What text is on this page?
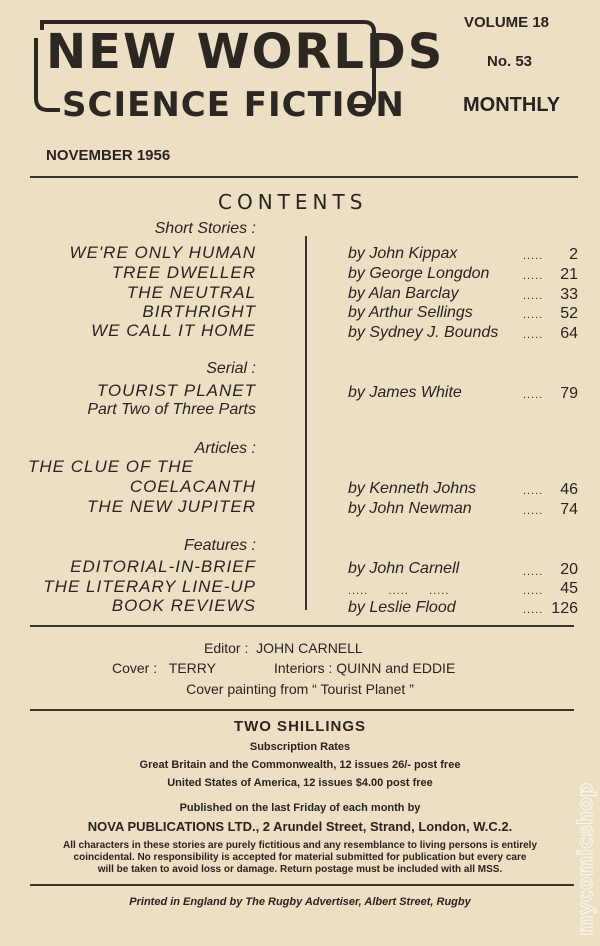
NEW WORLDS
SCIENCE FICTION
VOLUME 18
No. 53
MONTHLY
NOVEMBER 1956
CONTENTS
Short Stories :
WE'RE ONLY HUMAN	by John Kippax	..... 2
TREE DWELLER	by George Longdon	..... 21
THE NEUTRAL	by Alan Barclay	..... 33
BIRTHRIGHT	by Arthur Sellings	..... 52
WE CALL IT HOME	by Sydney J. Bounds ..... 64
Serial :
TOURIST PLANET
Part Two of Three Parts
by James White	..... 79
Articles :
THE CLUE OF THE
COELACANTH	by Kenneth Johns	..... 46
THE NEW JUPITER	by John Newman	..... 74
Features :
EDITORIAL-IN-BRIEF	by John Carnell	..... 20
THE LITERARY LINE-UP	.....     .....     .....	..... 45
BOOK REVIEWS	by Leslie Flood	..... 126
Editor : JOHN CARNELL
Cover : TERRY	Interiors : QUINN and EDDIE
Cover painting from “ Tourist Planet ”
TWO SHILLINGS
Subscription Rates
Great Britain and the Commonwealth, 12 issues 26/- post free
United States of America, 12 issues $4.00 post free
Published on the last Friday of each month by
NOVA PUBLICATIONS LTD., 2 Arundel Street, Strand, London, W.C.2.
All characters in these stories are purely fictitious and any resemblance to living persons is entirely
coincidental. No responsibility is accepted for material submitted for publication but every care
will be taken to avoid loss or damage. Return postage must be included with all MSS.
Printed in England by The Rugby Advertiser, Albert Street, Rugby	mycomicshop
